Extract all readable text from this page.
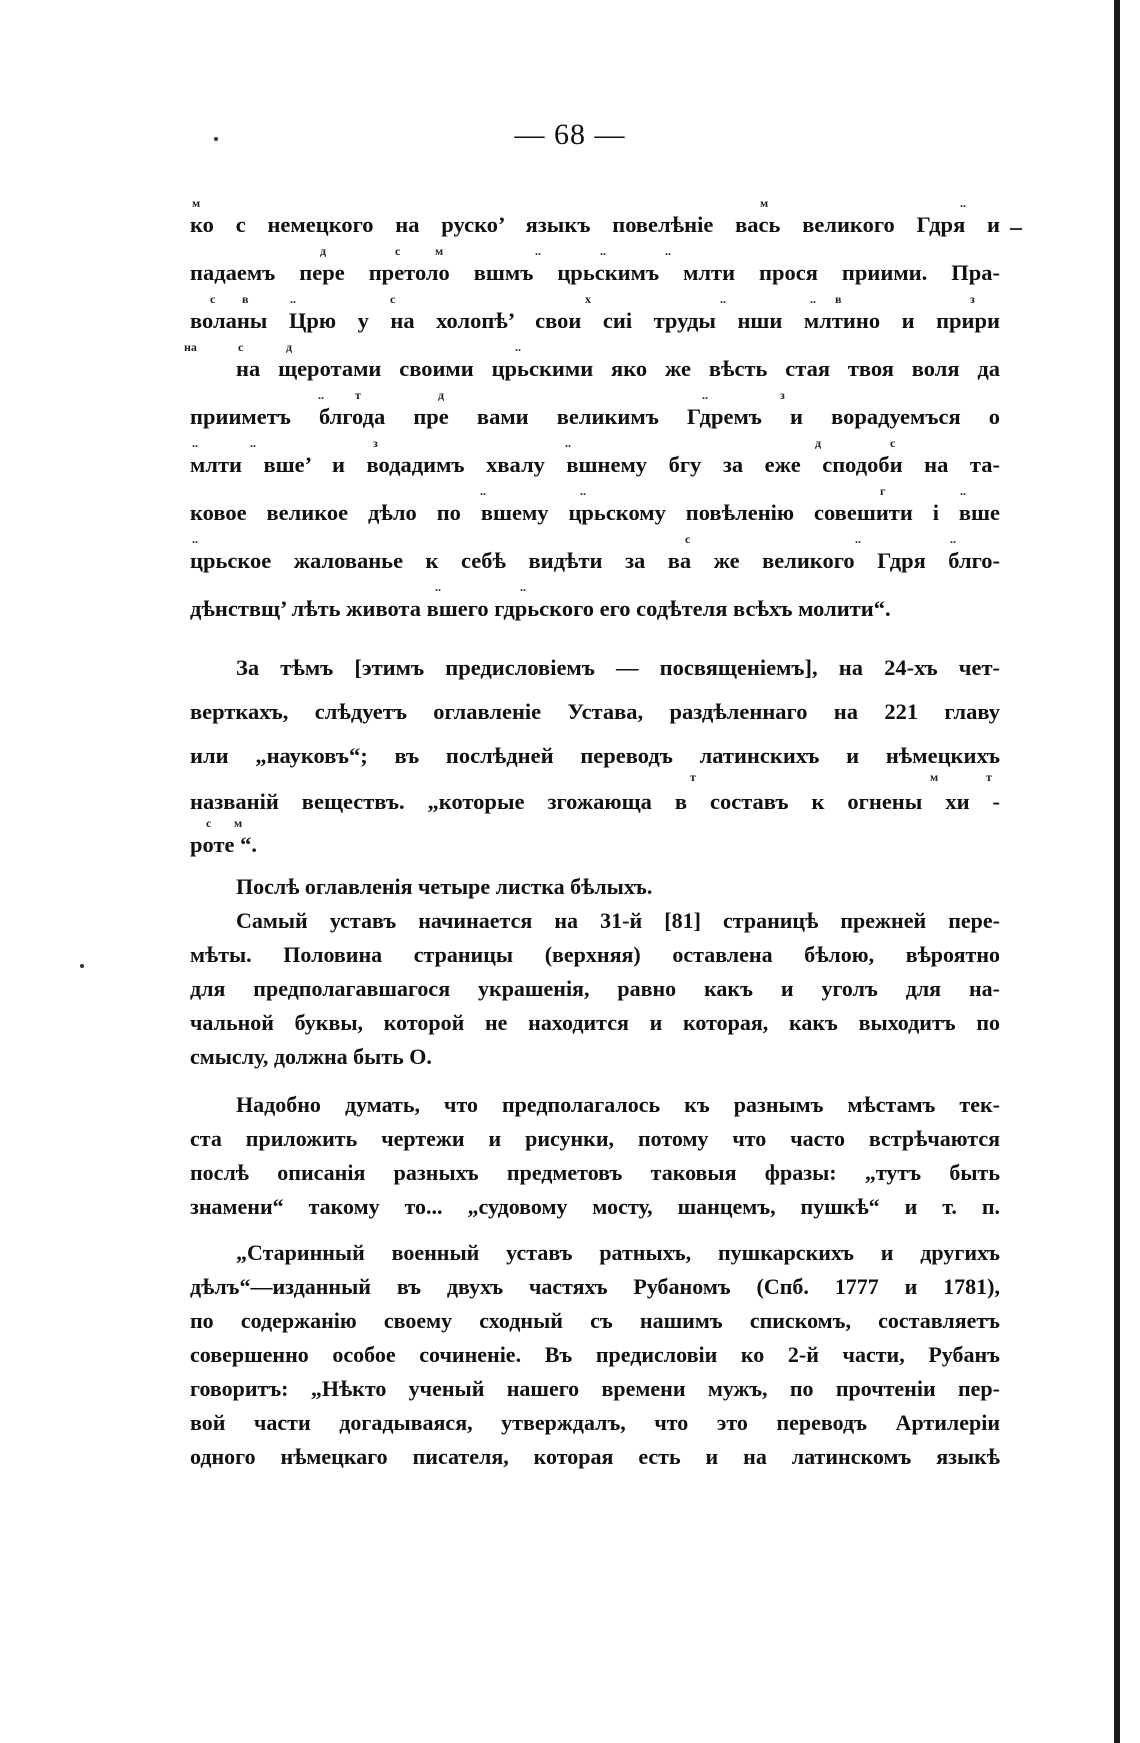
— 68 —
м	м	..
ко с немецкого на руско’ языкъ повелѣніе вась великого Гдря и
д	с	м	..	..	..
падаемъ пере претоло вшмъ црьскимъ млти прося приими. Пра-
с в	..	с	х	..	.. в	з
воланы Црю у на холопѣ’ свои сиі труды нши млтино и прири
на	с	д	..
на щеротами своими црьскими яко же вѣсть стая твоя воля да
..	т	д	..	з
прииметъ блгода пре вами великимъ Гдремъ и ворадуемъся о
..	..	з	..	д	с
млти вше’ и водадимъ хвалу вшнему бгу за еже сподоби на та-
..	..	г	..
ковое великое дѣло по вшему црьскому повѣленію совешити і вше
..	с	..	..
црьское жалованье к себѣ видѣти за ва же великого Гдря блго-
..	..
дѣнствщ’ лѣть живота вшего гдрьского его содѣтеля всѣхъ молити“.
За тѣмъ [этимъ предисловіемъ — посвященіемъ], на 24-хъ чет-
верткахъ, слѣдуетъ оглавленіе Устава, раздѣленнаго на 221 главу
или „науковъ“; въ послѣдней переводъ латинскихъ и нѣмецкихъ
т	м	т
названій веществъ. „которые згожающа в составъ к огнены хи -
с м
роте “.
Послѣ оглавленія четыре листка бѣлыхъ.
Самый уставъ начинается на 31-й [81] страницѣ прежней пере-
мѣты. Половина страницы (верхняя) оставлена бѣлою, вѣроятно
для предполагавшагося украшенія, равно какъ и уголъ для на-
чальной буквы, которой не находится и которая, какъ выходитъ по
смыслу, должна быть О.
Надобно думать, что предполагалось къ разнымъ мѣстамъ тек-
ста приложить чертежи и рисунки, потому что часто встрѣчаются
послѣ описанія разныхъ предметовъ таковыя фразы: „тутъ быть
знамени“ такому то... „судовому мосту, шанцемъ, пушкѣ“ и т. п.
„Старинный военный уставъ ратныхъ, пушкарскихъ и другихъ
дѣлъ“—изданный въ двухъ частяхъ Рубаномъ (Спб. 1777 и 1781),
по содержанію своему сходный съ нашимъ спискомъ, составляетъ
совершенно особое сочиненіе. Въ предисловіи ко 2-й части, Рубанъ
говоритъ: „Нѣкто ученый нашего времени мужъ, по прочтеніи пер-
вой части догадываяся, утверждалъ, что это переводъ Артилеріи
одного нѣмецкаго писателя, которая есть и на латинскомъ языкѣ
